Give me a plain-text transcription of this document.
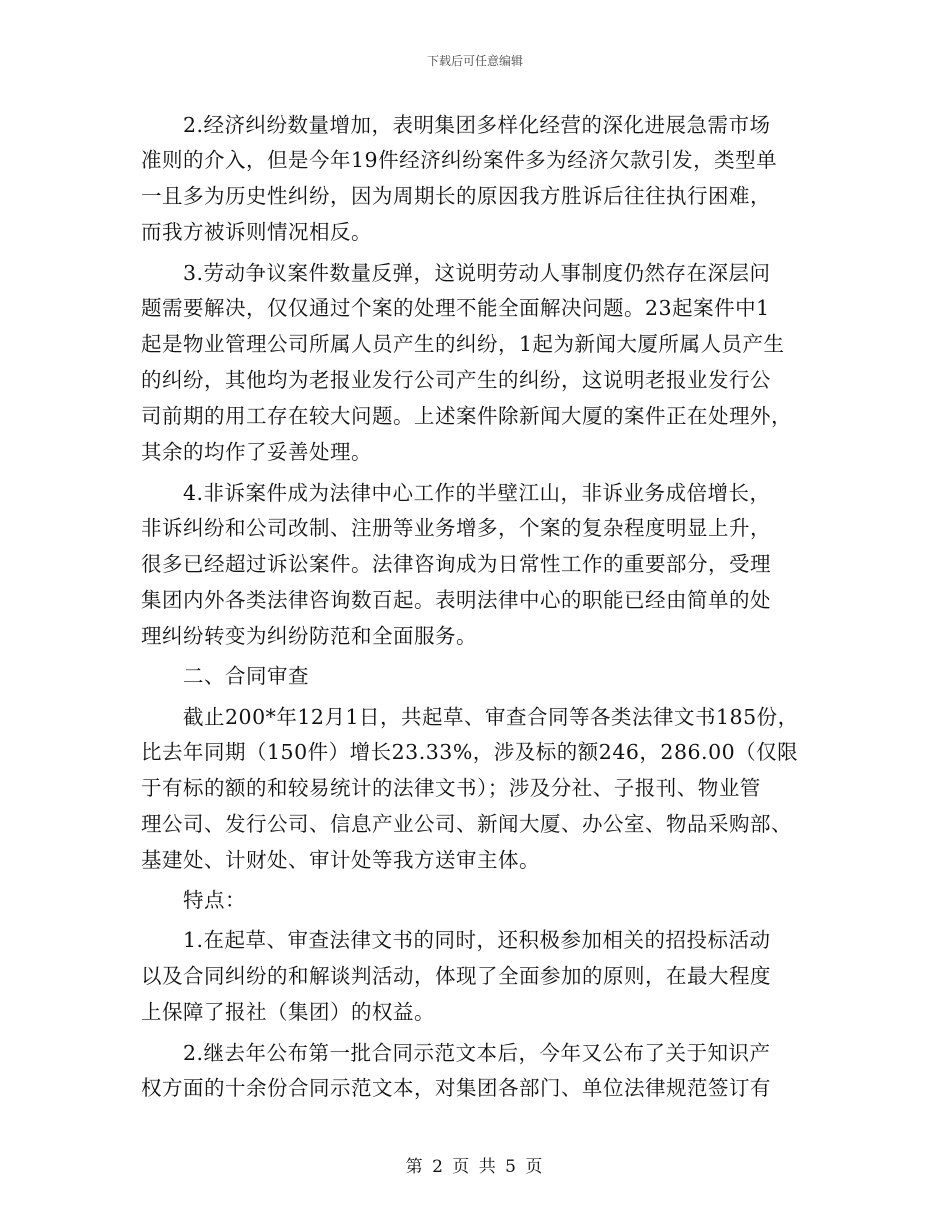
下载后可任意编辑
2.经济纠纷数量增加，表明集团多样化经营的深化进展急需市场
准则的介入，但是今年19件经济纠纷案件多为经济欠款引发，类型单
一且多为历史性纠纷，因为周期长的原因我方胜诉后往往执行困难，
而我方被诉则情况相反。
3.劳动争议案件数量反弹，这说明劳动人事制度仍然存在深层问
题需要解决，仅仅通过个案的处理不能全面解决问题。23起案件中1
起是物业管理公司所属人员产生的纠纷，1起为新闻大厦所属人员产生
的纠纷，其他均为老报业发行公司产生的纠纷，这说明老报业发行公
司前期的用工存在较大问题。上述案件除新闻大厦的案件正在处理外，
其余的均作了妥善处理。
4.非诉案件成为法律中心工作的半壁江山，非诉业务成倍增长，
非诉纠纷和公司改制、注册等业务增多，个案的复杂程度明显上升，
很多已经超过诉讼案件。法律咨询成为日常性工作的重要部分，受理
集团内外各类法律咨询数百起。表明法律中心的职能已经由简单的处
理纠纷转变为纠纷防范和全面服务。
二、合同审查
截止200*年12月1日，共起草、审查合同等各类法律文书185份，
比去年同期（150件）增长23.33%，涉及标的额246，286.00（仅限
于有标的额的和较易统计的法律文书）；涉及分社、子报刊、物业管
理公司、发行公司、信息产业公司、新闻大厦、办公室、物品采购部、
基建处、计财处、审计处等我方送审主体。
特点：
1.在起草、审查法律文书的同时，还积极参加相关的招投标活动
以及合同纠纷的和解谈判活动，体现了全面参加的原则，在最大程度
上保障了报社（集团）的权益。
2.继去年公布第一批合同示范文本后，今年又公布了关于知识产
权方面的十余份合同示范文本，对集团各部门、单位法律规范签订有
第 2 页 共 5 页
